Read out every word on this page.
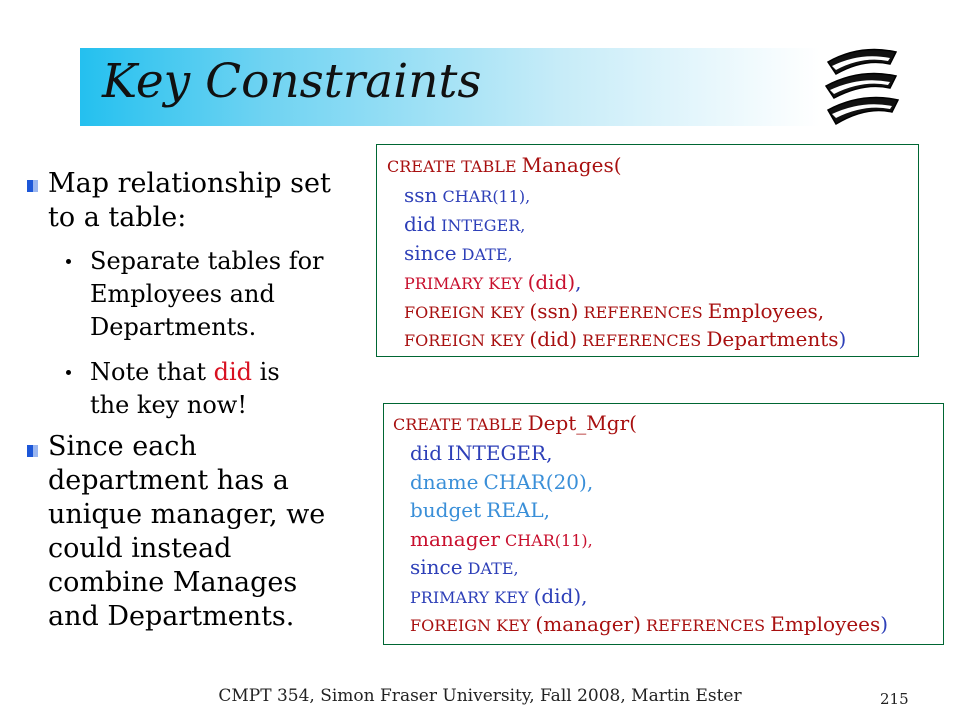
Key Constraints

Map relationship set

to a table:

Separate tables for

Employees and

Departments.

Note that did is

the key now!

Since each

department has a

unique manager, we

could instead

combine Manages

and Departments.

CREATE TABLE Manages(
ssn CHAR(11),
did INTEGER,
since DATE,
PRIMARY KEY (did),
FOREIGN KEY (ssn) REFERENCES Employees,
FOREIGN KEY (did) REFERENCES Departments)
CREATE TABLE Dept_Mgr(
did INTEGER,
dname CHAR(20),
budget REAL,
manager CHAR(11),
since DATE,
PRIMARY KEY (did),
FOREIGN KEY (manager) REFERENCES Employees)

CMPT 354, Simon Fraser University, Fall 2008, Martin Ester	215
